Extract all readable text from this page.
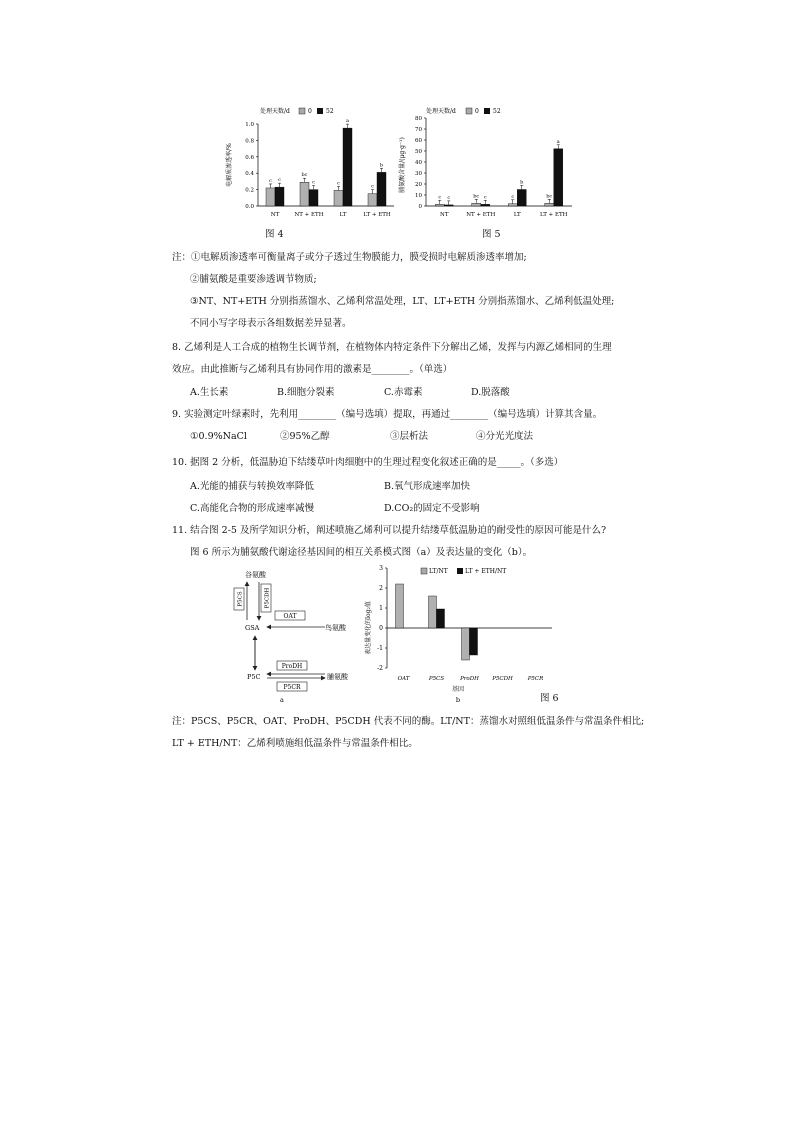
处理天数/d	0 52
电解质渗透率/%
0.0
0.2
0.4
0.6
0.8
1.0
c c
NT
bc
c
NT + ETH
c
a
LT
c
b
LT + ETH
图 4
处理天数/d	0 52
脯氨酸含量/(μg·g⁻¹)
0
10
20
30
40
50
60
70
80
c c
NT
bc c
NT + ETH
c
b
LT
bc
a
LT + ETH
图 5
注：①电解质渗透率可衡量离子或分子透过生物膜能力，膜受损时电解质渗透率增加;
②脯氨酸是重要渗透调节物质;
③NT、NT+ETH 分别指蒸馏水、乙烯利常温处理，LT、LT+ETH 分别指蒸馏水、乙烯利低温处理;
不同小写字母表示各组数据差异显著。
8. 乙烯利是人工合成的植物生长调节剂，在植物体内特定条件下分解出乙烯，发挥与内源乙烯相同的生理
效应。由此推断与乙烯利具有协同作用的激素是________。（单选）
A.生长素	B.细胞分裂素	C.赤霉素	D.脱落酸
9. 实验测定叶绿素时，先利用________（编号选填）提取，再通过________（编号选填）计算其含量。
①0.9%NaCl	②95%乙醇	③层析法	④分光光度法
10. 据图 2 分析，低温胁迫下结缕草叶肉细胞中的生理过程变化叙述正确的是_____。（多选）
A.光能的捕获与转换效率降低	B.氧气形成速率加快
C.高能化合物的形成速率减慢	D.CO₂的固定不受影响
11. 结合图 2-5 及所学知识分析，阐述喷施乙烯利可以提升结缕草低温胁迫的耐受性的原因可能是什么?
图 6 所示为脯氨酸代谢途径基因间的相互关系模式图（a）及表达量的变化（b）。
谷氨酸
P5CS	P5CDH
OAT
GSA	鸟氨酸
ProDH
P5C	脯氨酸
P5CR
a
LT/NT	LT + ETH/NT
表达量变化的log₂值
-2
-1
0
1
2
3
OAT	P5CS	ProDH P5CDH	P5CR
基因
b	图 6
注：P5CS、P5CR、OAT、ProDH、P5CDH 代表不同的酶。LT/NT：蒸馏水对照组低温条件与常温条件相比;
LT + ETH/NT：乙烯利喷施组低温条件与常温条件相比。
